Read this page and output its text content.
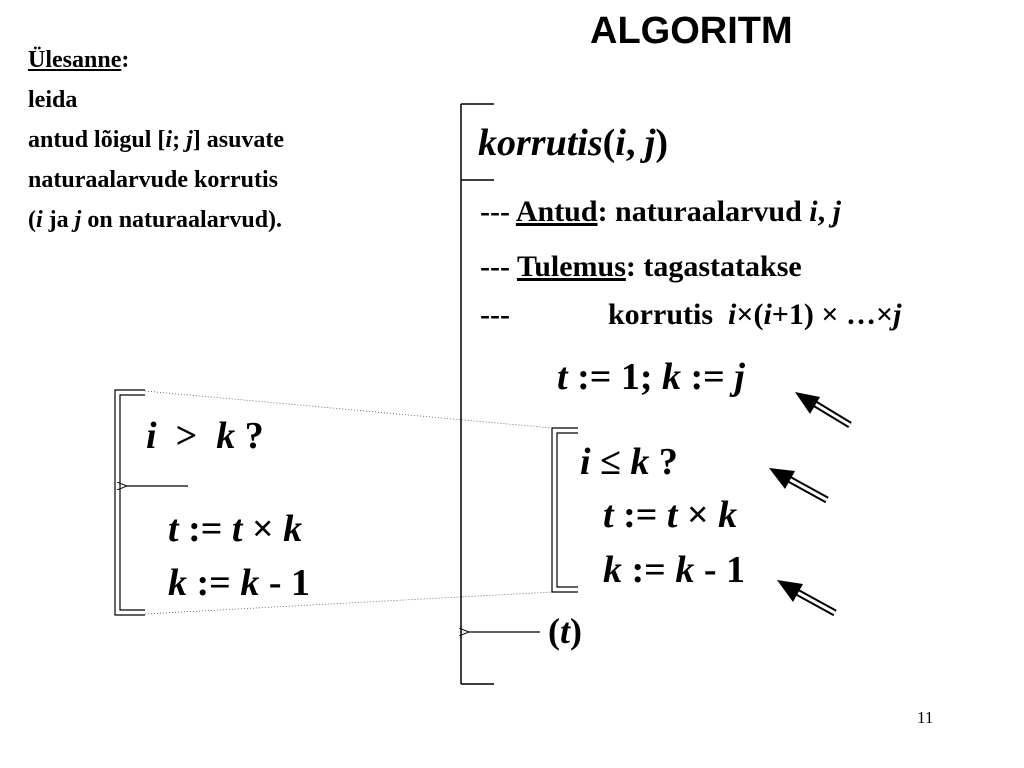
ALGORITM
Ülesanne:
leida
antud lõigul [i; j] asuvate
naturaalarvude korrutis
(i ja j on naturaalarvud).
korrutis(i, j)
--- Antud: naturaalarvud i, j
--- Tulemus: tagastatakse
---	korrutis i×(i+1) × …×j
t := 1; k := j
i ≤ k ?
t := t × k
k := k - 1
(t)
i > k ?
t := t × k
k := k - 1
11
